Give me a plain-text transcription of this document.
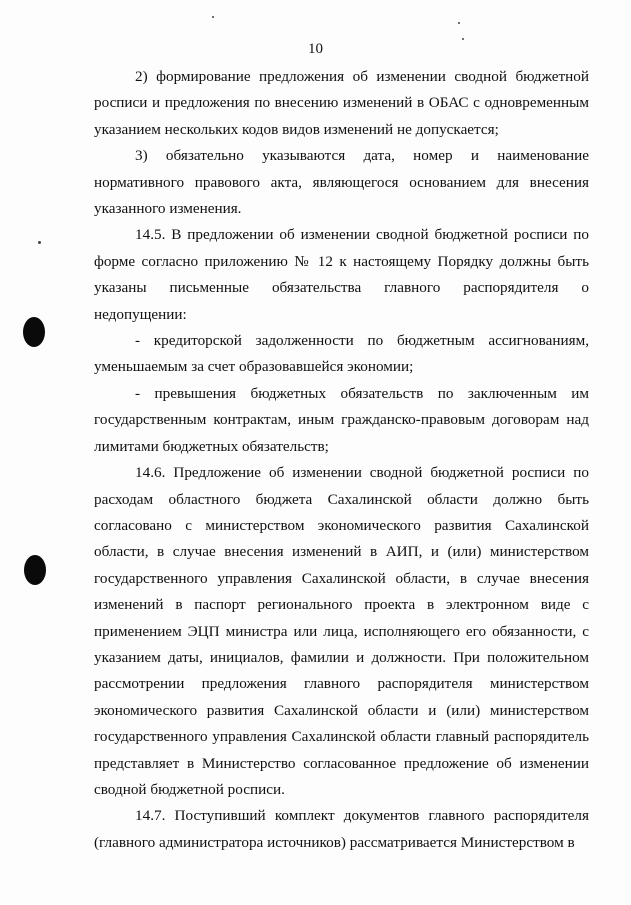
10

2) формирование предложения об изменении сводной бюджетной росписи и предложения по внесению изменений в ОБАС с одновременным указанием нескольких кодов видов изменений не допускается;

3) обязательно указываются дата, номер и наименование нормативного правового акта, являющегося основанием для внесения указанного изменения.

14.5. В предложении об изменении сводной бюджетной росписи по форме согласно приложению № 12 к настоящему Порядку должны быть указаны письменные обязательства главного распорядителя о недопущении:

- кредиторской задолженности по бюджетным ассигнованиям, уменьшаемым за счет образовавшейся экономии;

- превышения бюджетных обязательств по заключенным им государственным контрактам, иным гражданско-правовым договорам над лимитами бюджетных обязательств;

14.6. Предложение об изменении сводной бюджетной росписи по расходам областного бюджета Сахалинской области должно быть согласовано с министерством экономического развития Сахалинской области, в случае внесения изменений в АИП, и (или) министерством государственного управления Сахалинской области, в случае внесения изменений в паспорт регионального проекта в электронном виде с применением ЭЦП министра или лица, исполняющего его обязанности, с указанием даты, инициалов, фамилии и должности. При положительном рассмотрении предложения главного распорядителя министерством экономического развития Сахалинской области и (или) министерством государственного управления Сахалинской области главный распорядитель представляет в Министерство согласованное предложение об изменении сводной бюджетной росписи.

14.7. Поступивший комплект документов главного распорядителя (главного администратора источников) рассматривается Министерством в
